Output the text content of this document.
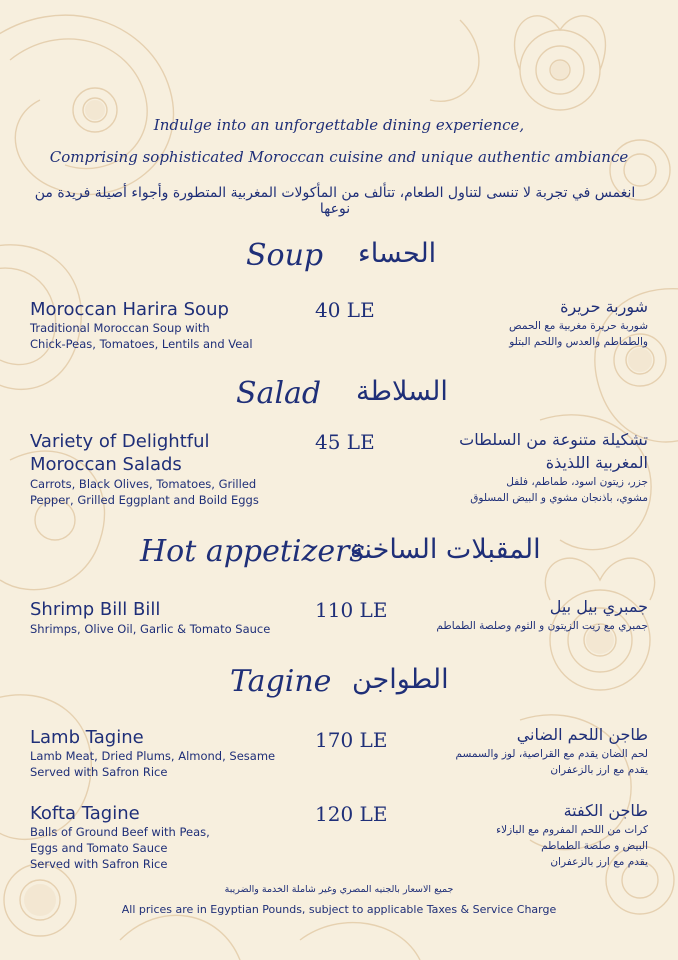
Indulge into an unforgettable dining experience,
Comprising sophisticated Moroccan cuisine and unique authentic ambiance
انغمس في تجربة لا تنسى لتناول الطعام، تتألف من المأكولات المغربية المتطورة وأجواء أصيلة فريدة من نوعها
Soup الحساء
Moroccan Harira Soup
Traditional Moroccan Soup with
Chick-Peas, Tomatoes, Lentils and Veal
40 LE	شوربة حريرة
شوربة حريرة مغربية مع الحمص
والطماطم والعدس واللحم البتلو
Salad السلاطة
Variety of Delightful
Moroccan Salads
Carrots, Black Olives, Tomatoes, Grilled
Pepper, Grilled Eggplant and Boild Eggs
45 LE	تشكيلة متنوعة من السلطات
المغربية اللذيذة
جزر، زيتون اسود، طماطم، فلفل
مشوي، باذنجان مشوي و البيض المسلوق
Hot appetizers
المقبلات الساخنة
Shrimp Bill Bill
Shrimps, Olive Oil, Garlic & Tomato Sauce
110 LE	جمبري بيل بيل
جمبري مع زيت الزيتون و الثوم وصلصة الطماطم
Tagine الطواجن
Lamb Tagine
Lamb Meat, Dried Plums, Almond, Sesame
Served with Safron Rice
170 LE	طاجن اللحم الضاني
لحم الضان يقدم مع القراصية، لوز والسمسم
يقدم مع ارز بالزعفران
Kofta Tagine
Balls of Ground Beef with Peas,
Eggs and Tomato Sauce
Served with Safron Rice
120 LE	طاجن الكفتة
كرات من اللحم المفروم مع البازلاء
البيض و صلصة الطماطم
يقدم مع ارز بالزعفران
جميع الاسعار بالجنيه المصري وغير شاملة الخدمة والضريبة
All prices are in Egyptian Pounds, subject to applicable Taxes & Service Charge
